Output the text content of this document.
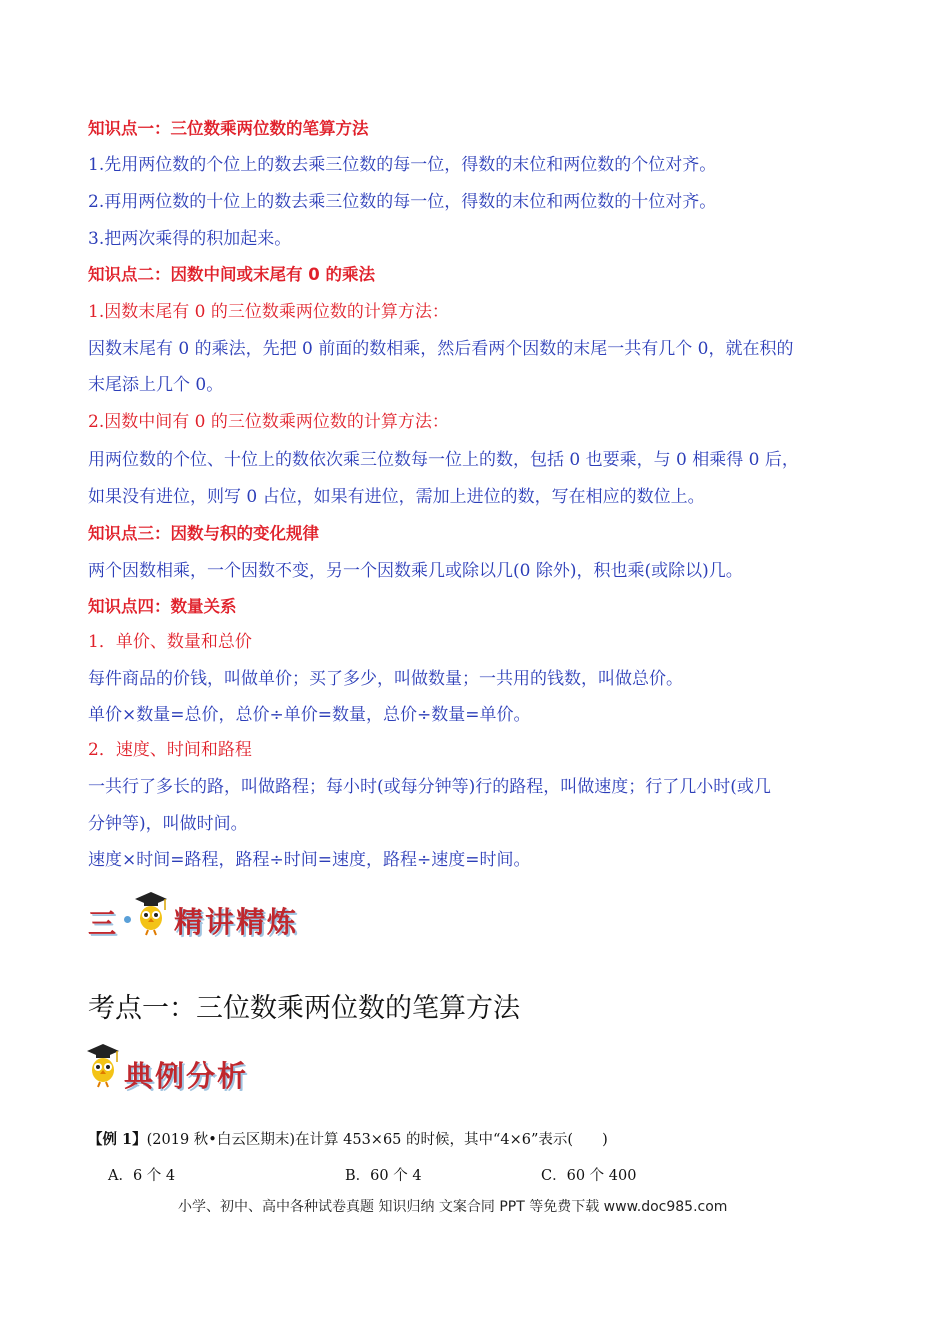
知识点一：三位数乘两位数的笔算方法
1.先用两位数的个位上的数去乘三位数的每一位，得数的末位和两位数的个位对齐。
2.再用两位数的十位上的数去乘三位数的每一位，得数的末位和两位数的十位对齐。
3.把两次乘得的积加起来。
知识点二：因数中间或末尾有 0 的乘法
1.因数末尾有 0 的三位数乘两位数的计算方法：
因数末尾有 0 的乘法，先把 0 前面的数相乘，然后看两个因数的末尾一共有几个 0，就在积的
末尾添上几个 0。
2.因数中间有 0 的三位数乘两位数的计算方法：
用两位数的个位、十位上的数依次乘三位数每一位上的数，包括 0 也要乘，与 0 相乘得 0 后，
如果没有进位，则写 0 占位，如果有进位，需加上进位的数，写在相应的数位上。
知识点三：因数与积的变化规律
两个因数相乘，一个因数不变，另一个因数乘几或除以几(0 除外)，积也乘(或除以)几。
知识点四：数量关系
1．单价、数量和总价
每件商品的价钱，叫做单价；买了多少，叫做数量；一共用的钱数，叫做总价。
单价×数量=总价，总价÷单价=数量，总价÷数量=单价。
2．速度、时间和路程
一共行了多长的路，叫做路程；每小时(或每分钟等)行的路程，叫做速度；行了几小时(或几
分钟等)，叫做时间。
速度×时间=路程，路程÷时间=速度，路程÷速度=时间。
三 精讲精炼
考点一：三位数乘两位数的笔算方法
典例分析
【例 1】(2019 秋•白云区期末)在计算 453×65 的时候，其中“4×6”表示(　　)
A．6 个 4	B．60 个 4	C．60 个 400
小学、初中、高中各种试卷真题 知识归纳 文案合同 PPT 等免费下载 www.doc985.com
